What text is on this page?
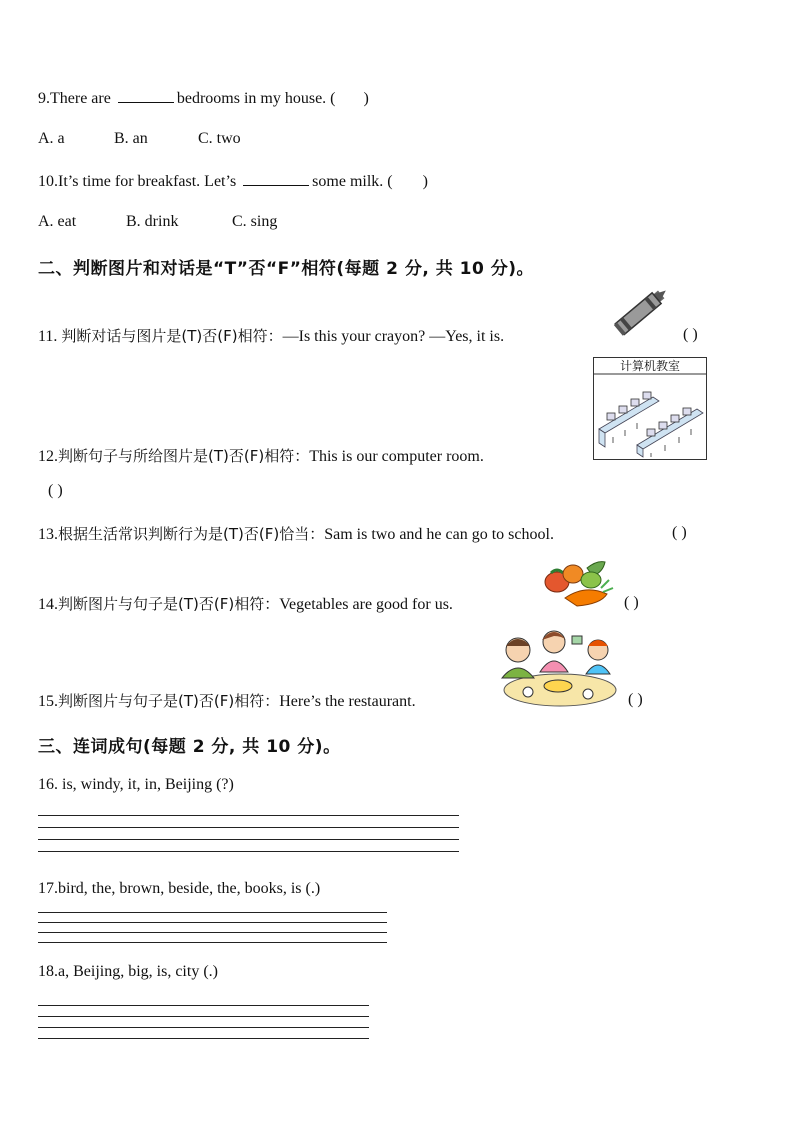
9.There are	bedrooms in my house. ( )
A. a	B. an	C. two
10.It’s time for breakfast. Let’s	some milk. ( )
A. eat	B. drink	C. sing
二、判断图片和对话是“T”否“F”相符(每题 2 分, 共 10 分)。
11. 判断对话与图片是(T)否(F)相符：—Is this your crayon? —Yes, it is.	( )
计算机教室
12.判断句子与所给图片是(T)否(F)相符：This is our computer room.
( )
13.根据生活常识判断行为是(T)否(F)恰当：Sam is two and he can go to school.	( )
14.判断图片与句子是(T)否(F)相符：Vegetables are good for us.	( )
15.判断图片与句子是(T)否(F)相符：Here’s the restaurant.	( )
三、连词成句(每题 2 分, 共 10 分)。
16. is, windy, it, in, Beijing (?)
17.bird, the, brown, beside, the, books, is (.)
18.a, Beijing, big, is, city (.)
